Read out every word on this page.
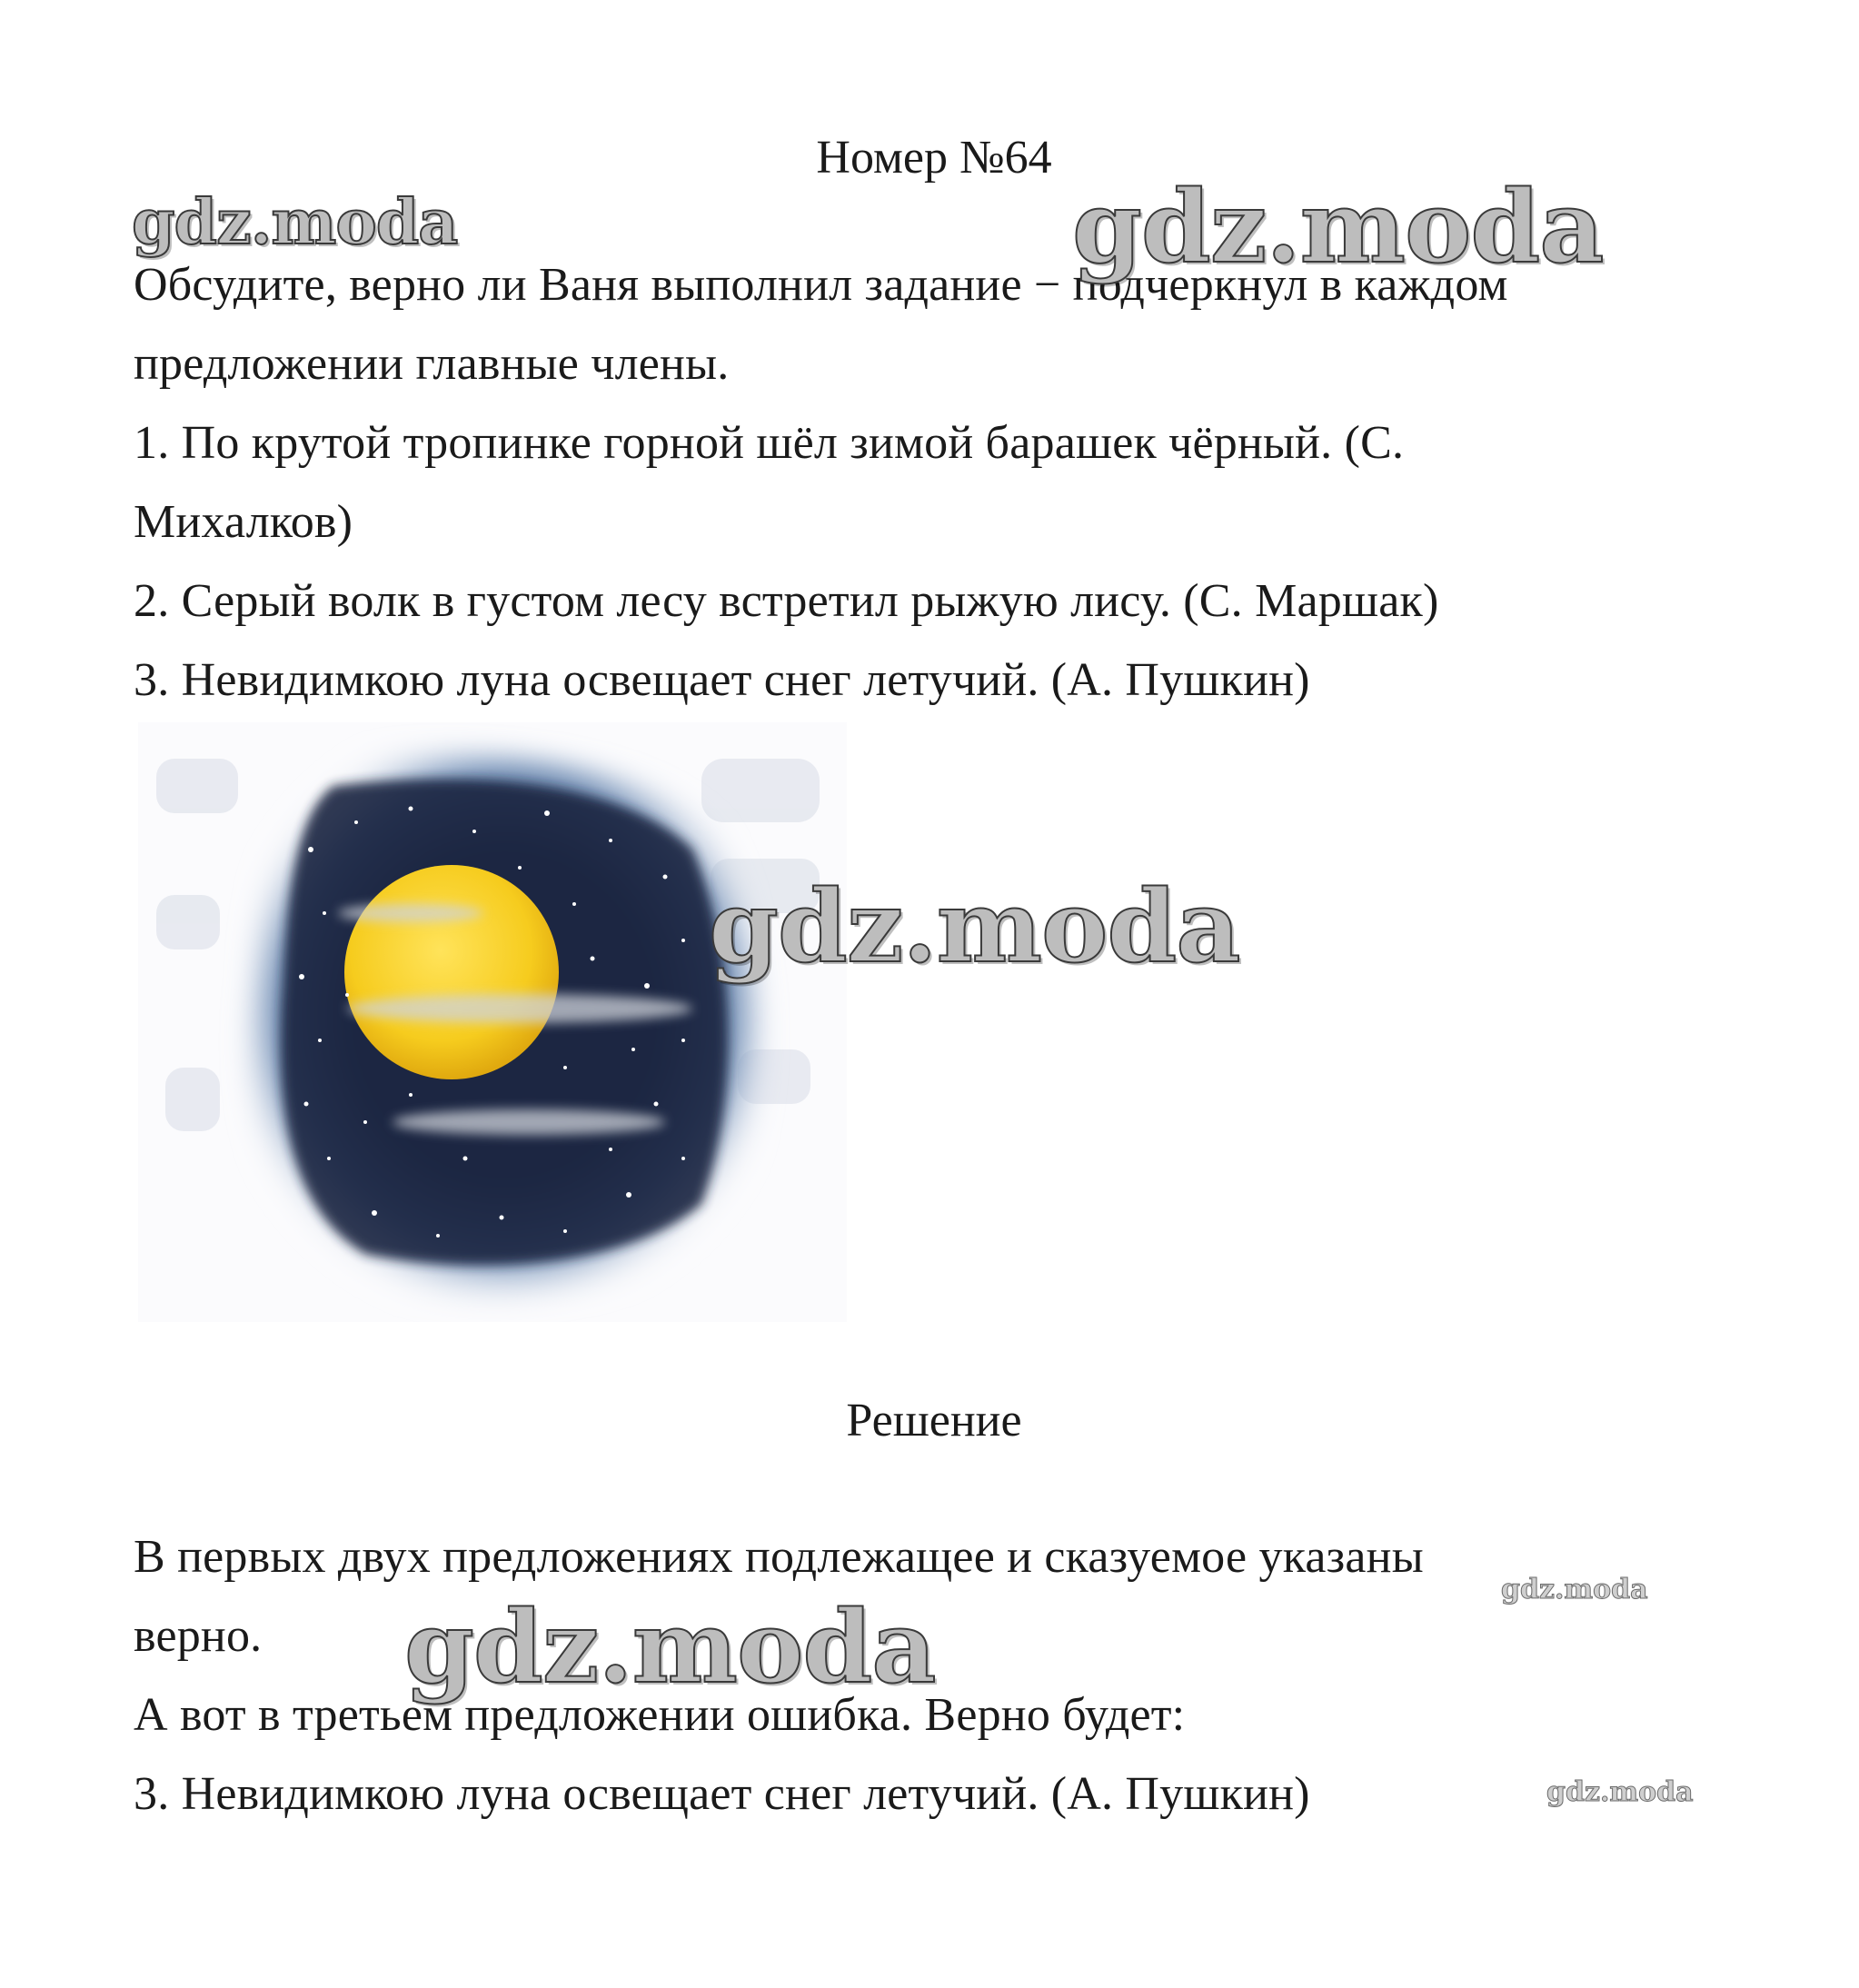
Номер №64
Обсудите, верно ли Ваня выполнил задание − подчеркнул в каждом
предложении главные члены.
1. По крутой тропинке горной шёл зимой барашек чёрный. (С.
Михалков)
2. Серый волк в густом лесу встретил рыжую лису. (С. Маршак)
3. Невидимкою луна освещает снег летучий. (А. Пушкин)
Решение
В первых двух предложениях подлежащее и сказуемое указаны
верно.
А вот в третьем предложении ошибка. Верно будет:
3. Невидимкою луна освещает снег летучий. (А. Пушкин)
gdz.moda	gdz.moda
gdz.moda
gdz.moda	gdz.moda
gdz.moda
